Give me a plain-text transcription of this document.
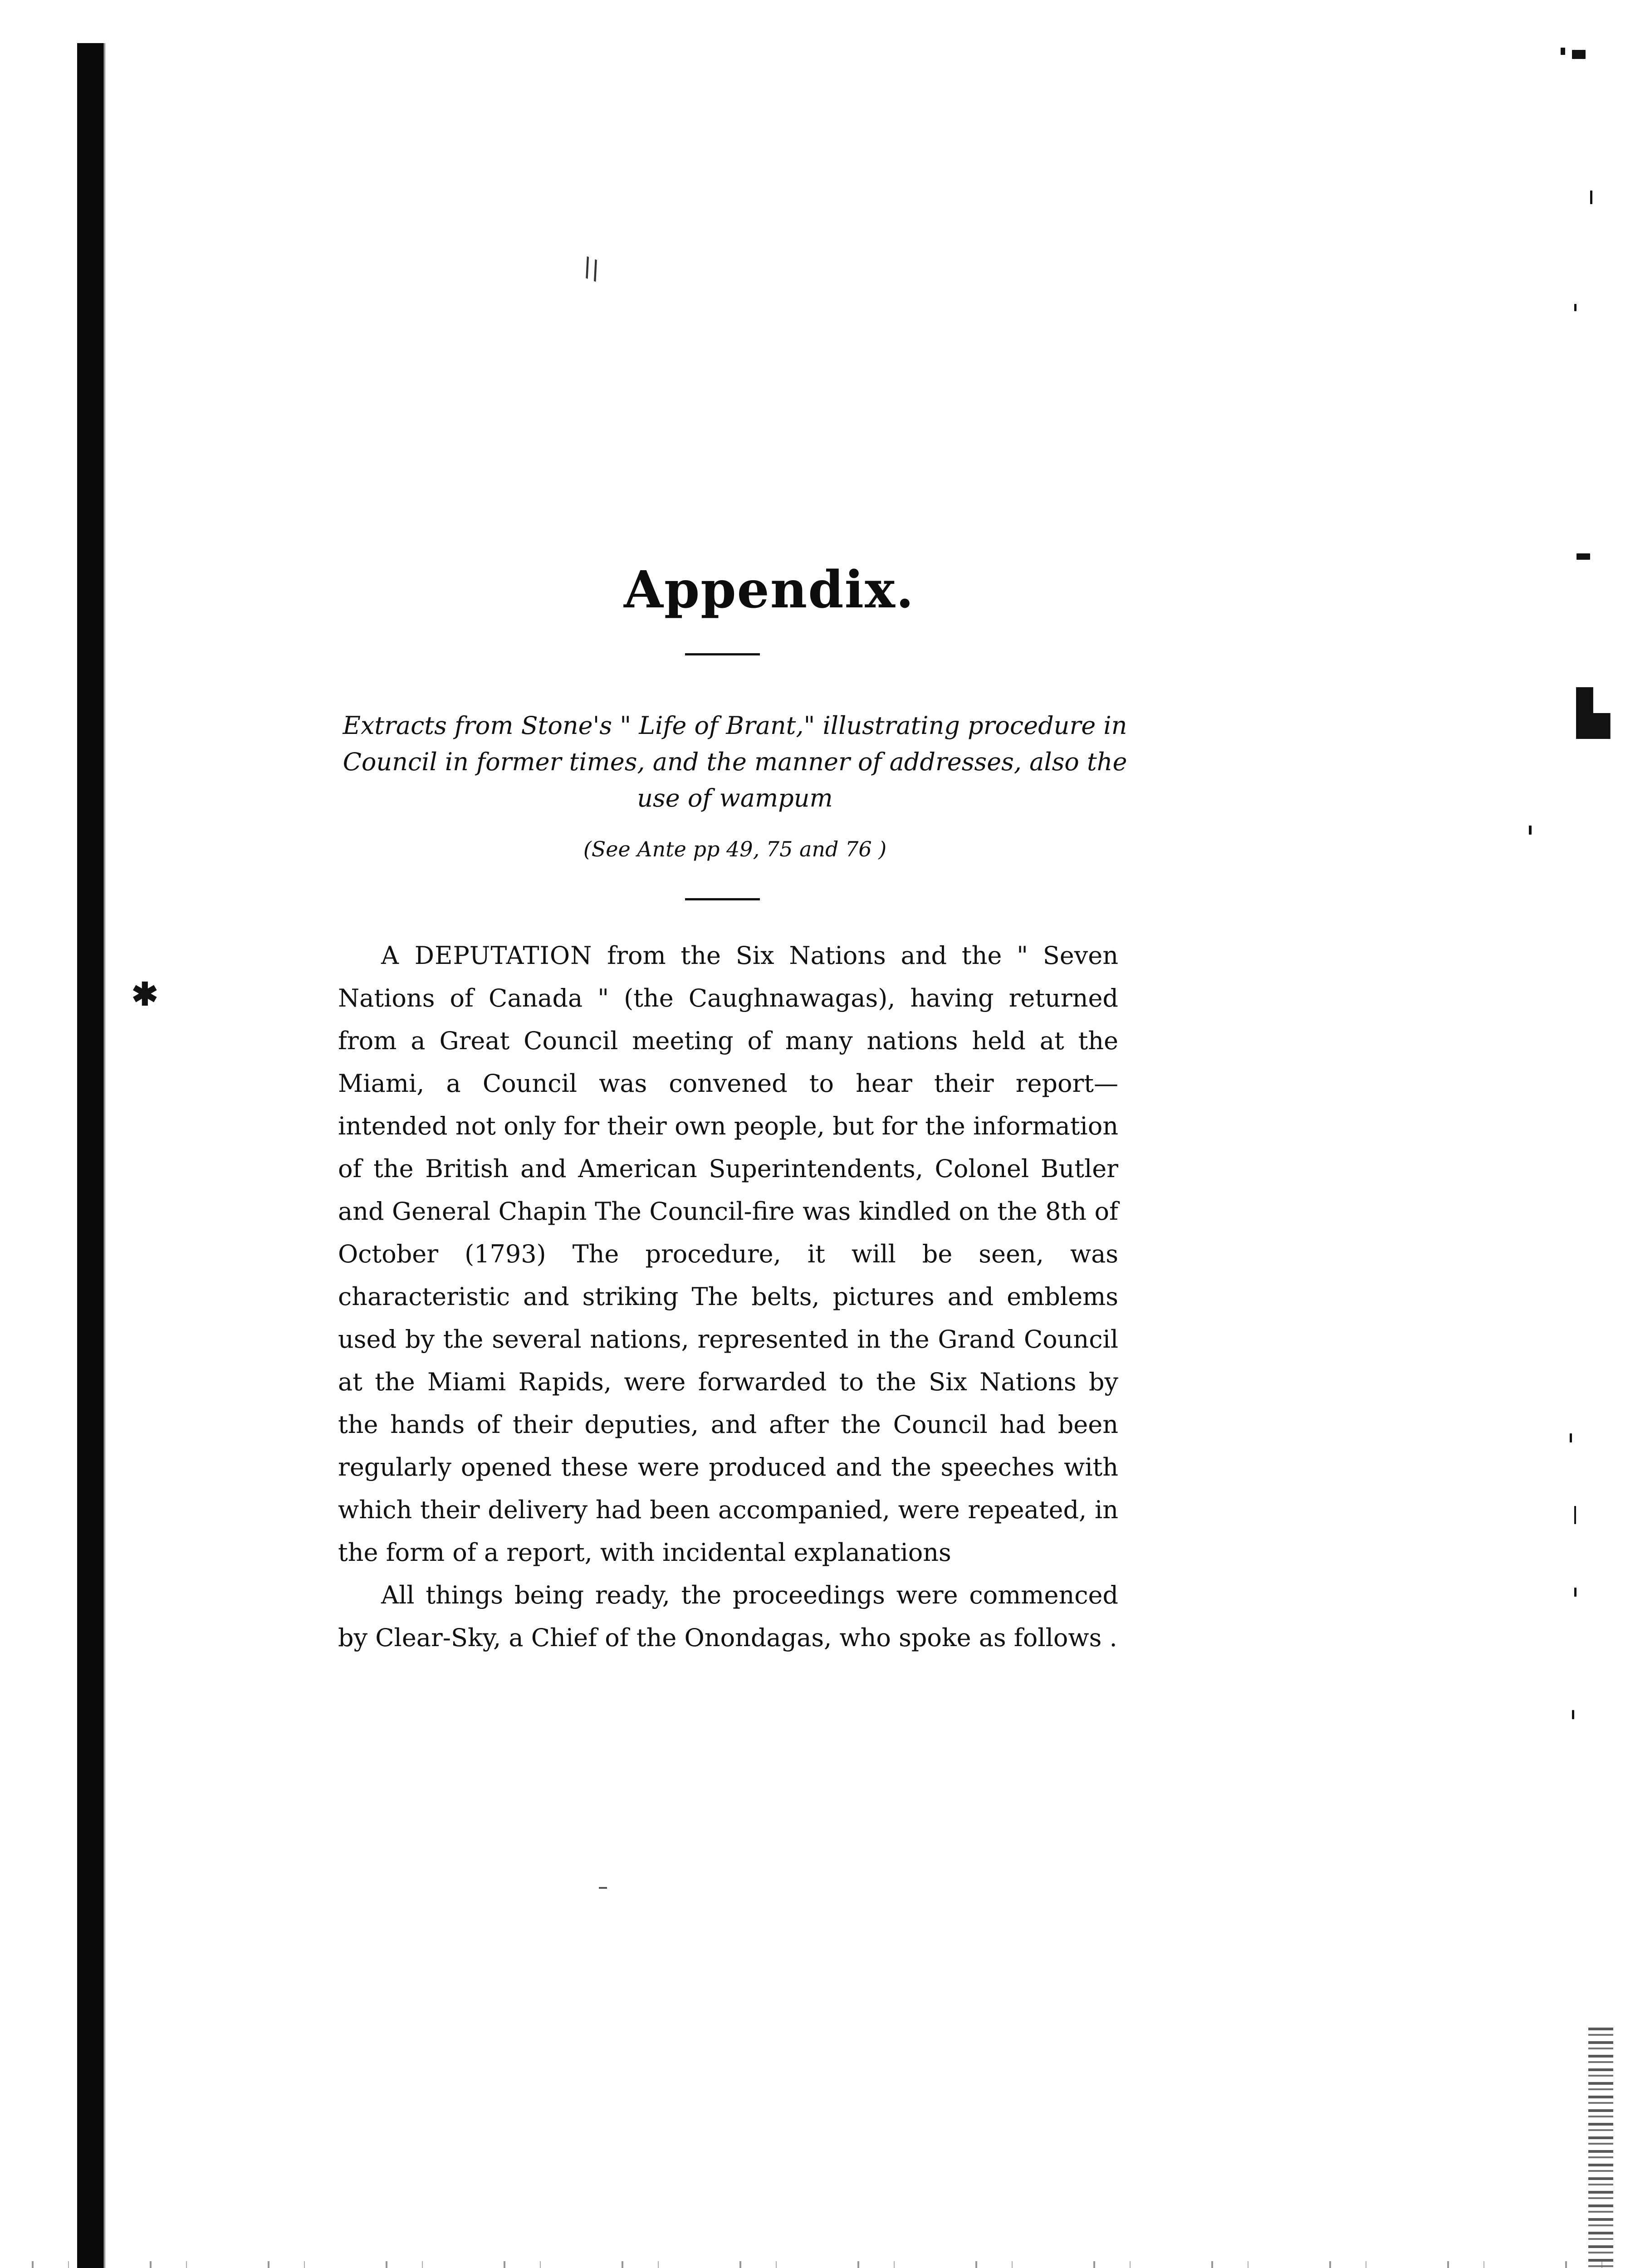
\\
✱
▙
Appendix.
Extracts from Stone's " Life of Brant," illustrating procedure in Council in former times, and the manner of addresses, also the use of wampum
(See Ante pp 49, 75 and 76 )

A DEPUTATION from the Six Nations and the " Seven Nations of Canada " (the Caughnawagas), having returned from a Great Council meeting of many nations held at the Miami, a Council was convened to hear their report— intended not only for their own people, but for the information of the British and American Superintendents, Colonel Butler and General Chapin The Council-fire was kindled on the 8th of October (1793) The procedure, it will be seen, was characteristic and striking The belts, pictures and emblems used by the several nations, represented in the Grand Council at the Miami Rapids, were forwarded to the Six Nations by the hands of their deputies, and after the Council had been regularly opened these were produced and the speeches with which their delivery had been accompanied, were repeated, in the form of a report, with incidental explanations

All things being ready, the proceedings were commenced by Clear-Sky, a Chief of the Onondagas, who spoke as follows .
